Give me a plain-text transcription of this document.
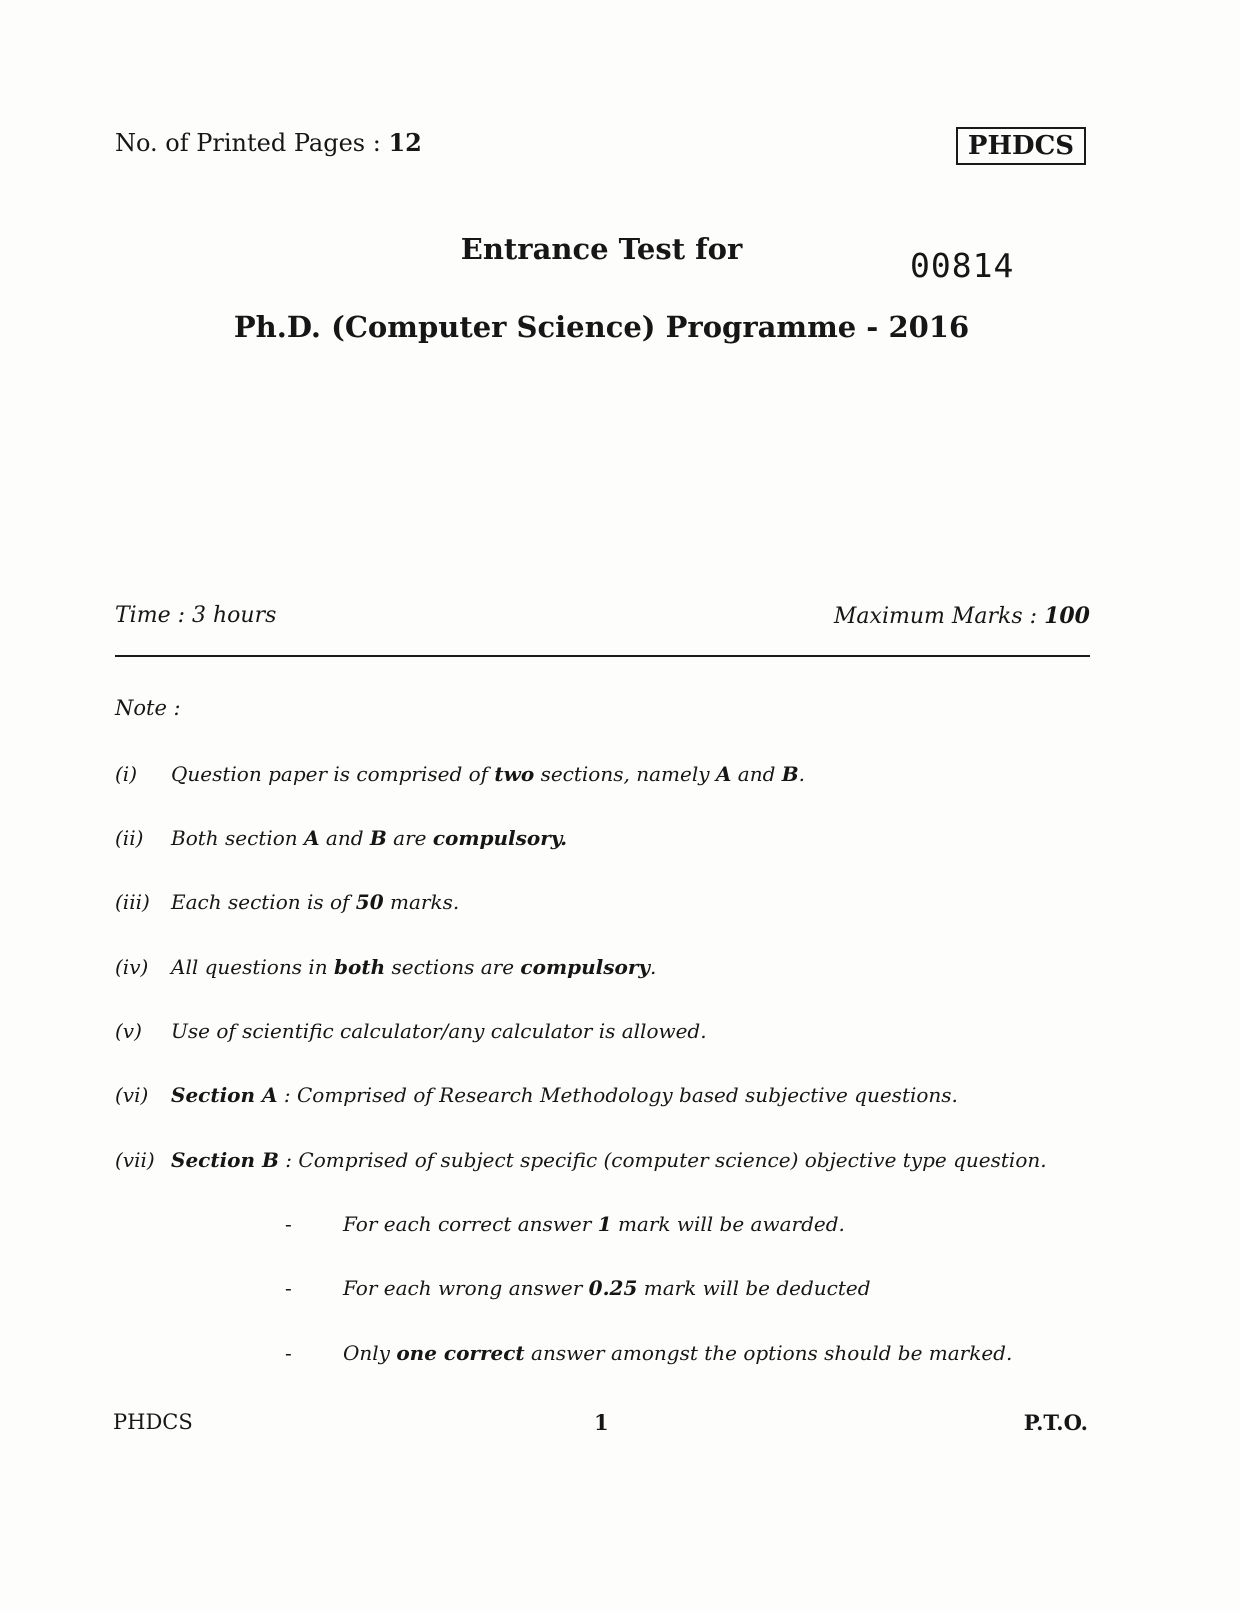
No. of Printed Pages : 12	PHDCS
Entrance Test for	00814
Ph.D. (Computer Science) Programme - 2016
Time : 3 hours	Maximum Marks : 100
Note :
(i) Question paper is comprised of two sections, namely A and B.
(ii) Both section A and B are compulsory.
(iii) Each section is of 50 marks.
(iv) All questions in both sections are compulsory.
(v) Use of scientific calculator/any calculator is allowed.
(vi) Section A : Comprised of Research Methodology based subjective questions.
(vii) Section B : Comprised of subject specific (computer science) objective type question.
-	For each correct answer 1 mark will be awarded.
-	For each wrong answer 0.25 mark will be deducted
-	Only one correct answer amongst the options should be marked.
PHDCS	1	P.T.O.
